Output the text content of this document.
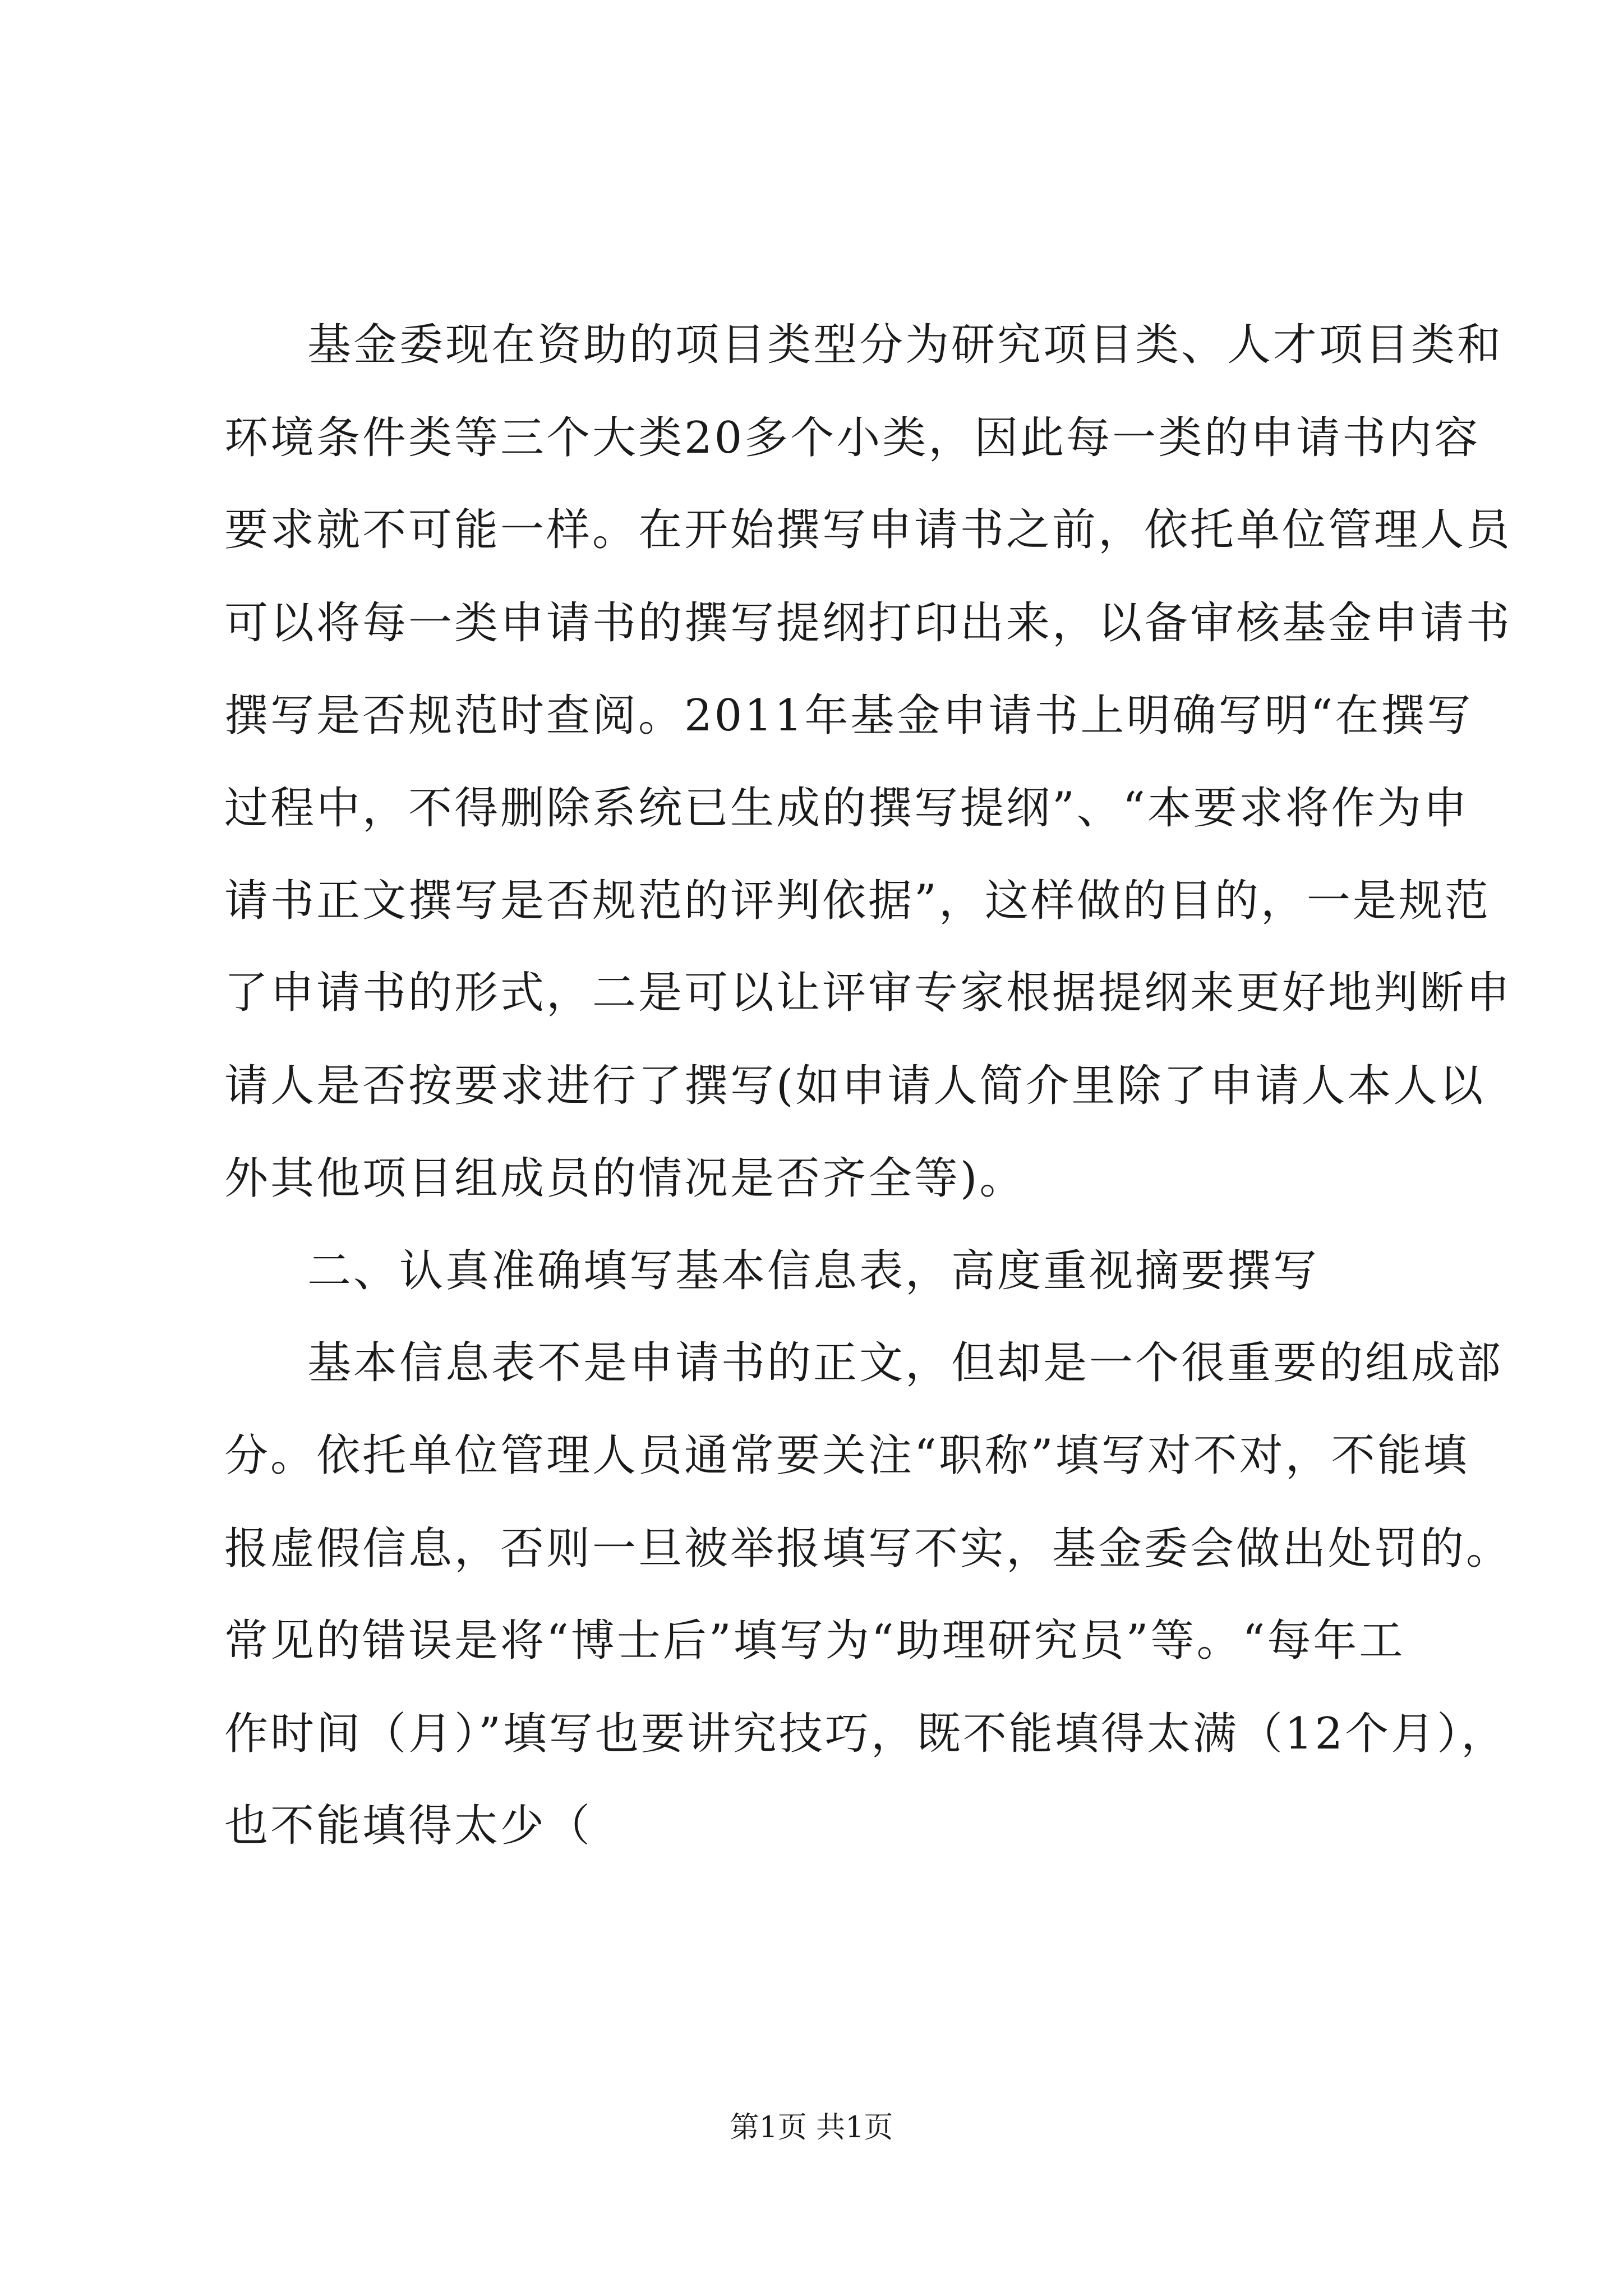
基金委现在资助的项目类型分为研究项目类、人才项目类和
环境条件类等三个大类20多个小类，因此每一类的申请书内容
要求就不可能一样。在开始撰写申请书之前，依托单位管理人员
可以将每一类申请书的撰写提纲打印出来，以备审核基金申请书
撰写是否规范时查阅。2011年基金申请书上明确写明“在撰写
过程中，不得删除系统已生成的撰写提纲”、“本要求将作为申
请书正文撰写是否规范的评判依据”，这样做的目的，一是规范
了申请书的形式，二是可以让评审专家根据提纲来更好地判断申
请人是否按要求进行了撰写(如申请人简介里除了申请人本人以
外其他项目组成员的情况是否齐全等)。
二、认真准确填写基本信息表，高度重视摘要撰写
基本信息表不是申请书的正文，但却是一个很重要的组成部
分。依托单位管理人员通常要关注“职称”填写对不对，不能填
报虚假信息，否则一旦被举报填写不实，基金委会做出处罚的。
常见的错误是将“博士后”填写为“助理研究员”等。“每年工
作时间（月）”填写也要讲究技巧，既不能填得太满（12个月），
也不能填得太少（
第1页 共1页
